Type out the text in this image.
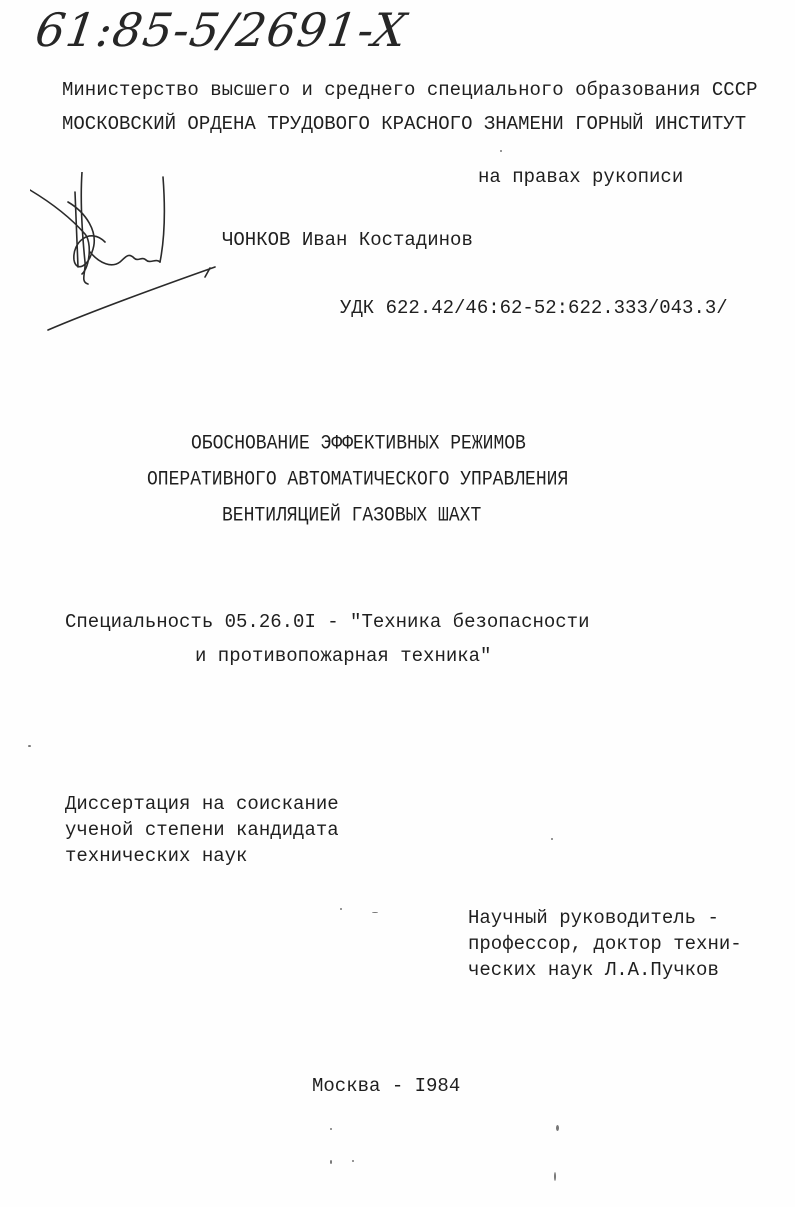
61:85-5/2691-X
Министерство высшего и среднего специального образования СССР
МОСКОВСКИЙ ОРДЕНА ТРУДОВОГО КРАСНОГО ЗНАМЕНИ ГОРНЫЙ ИНСТИТУТ
на правах рукописи
ЧОНКОВ Иван Костадинов
УДК 622.42/46:62-52:622.333/043.3/
ОБОСНОВАНИЕ ЭФФЕКТИВНЫХ РЕЖИМОВ
ОПЕРАТИВНОГО АВТОМАТИЧЕСКОГО УПРАВЛЕНИЯ
ВЕНТИЛЯЦИЕЙ ГАЗОВЫХ ШАХТ
Специальность 05.26.0I - "Техника безопасности
и противопожарная техника"
Диссертация на соискание
ученой степени кандидата
технических наук
Научный руководитель -
профессор, доктор техни-
ческих наук Л.А.Пучков
Москва - I984
